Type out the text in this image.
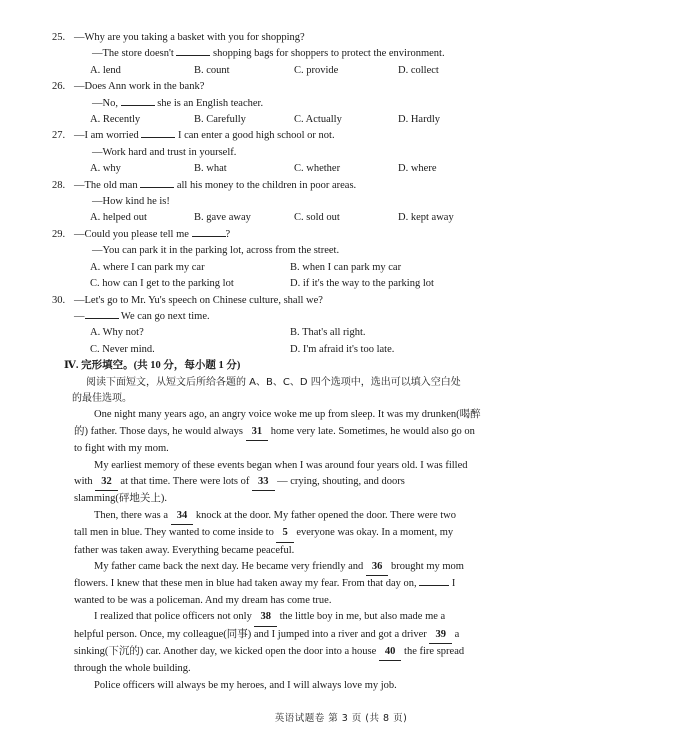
25. —Why are you taking a basket with you for shopping?
—The store doesn't	shopping bags for shoppers to protect the environment.
A. lend	B. count	C. provide	D. collect
26. —Does Ann work in the bank?
—No,	she is an English teacher.
A. Recently	B. Carefully	C. Actually	D. Hardly
27. —I am worried	I can enter a good high school or not.
—Work hard and trust in yourself.
A. why	B. what	C. whether	D. where
28. —The old man	all his money to the children in poor areas.
—How kind he is!
A. helped out	B. gave away	C. sold out	D. kept away
29. —Could you please tell me	?
—You can park it in the parking lot, across from the street.
A. where I can park my car	B. when I can park my car
C. how can I get to the parking lot	D. if it's the way to the parking lot
30. —Let's go to Mr. Yu's speech on Chinese culture, shall we?
—	We can go next time.
A. Why not?	B. That's all right.
C. Never mind.	D. I'm afraid it's too late.
Ⅳ. 完形填空。(共 10 分，每小题 1 分)
阅读下面短文，从短文后所给各题的 A、B、C、D 四个选项中，选出可以填入空白处
的最佳选项。
One night many years ago, an angry voice woke me up from sleep. It was my drunken(喝醉
的) father. Those days, he would always 31 home very late. Sometimes, he would also go on
to fight with my mom.
My earliest memory of these events began when I was around four years old. I was filled
with 32 at that time. There were lots of 33 — crying, shouting, and doors
slamming(砰地关上).
Then, there was a 34 knock at the door. My father opened the door. There were two
tall men in blue. They wanted to come inside to 5 everyone was okay. In a moment, my
father was taken away. Everything became peaceful.
My father came back the next day. He became very friendly and 36 brought my mom
flowers. I knew that these men in blue had taken away my fear. From that day on,	I
wanted to be was a policeman. And my dream has come true.
I realized that police officers not only 38 the little boy in me, but also made me a
helpful person. Once, my colleague(同事) and I jumped into a river and got a driver 39 a
sinking(下沉的) car. Another day, we kicked open the door into a house 40 the fire spread
through the whole building.
Police officers will always be my heroes, and I will always love my job.
英语试题卷 第 3 页 (共 8 页)
